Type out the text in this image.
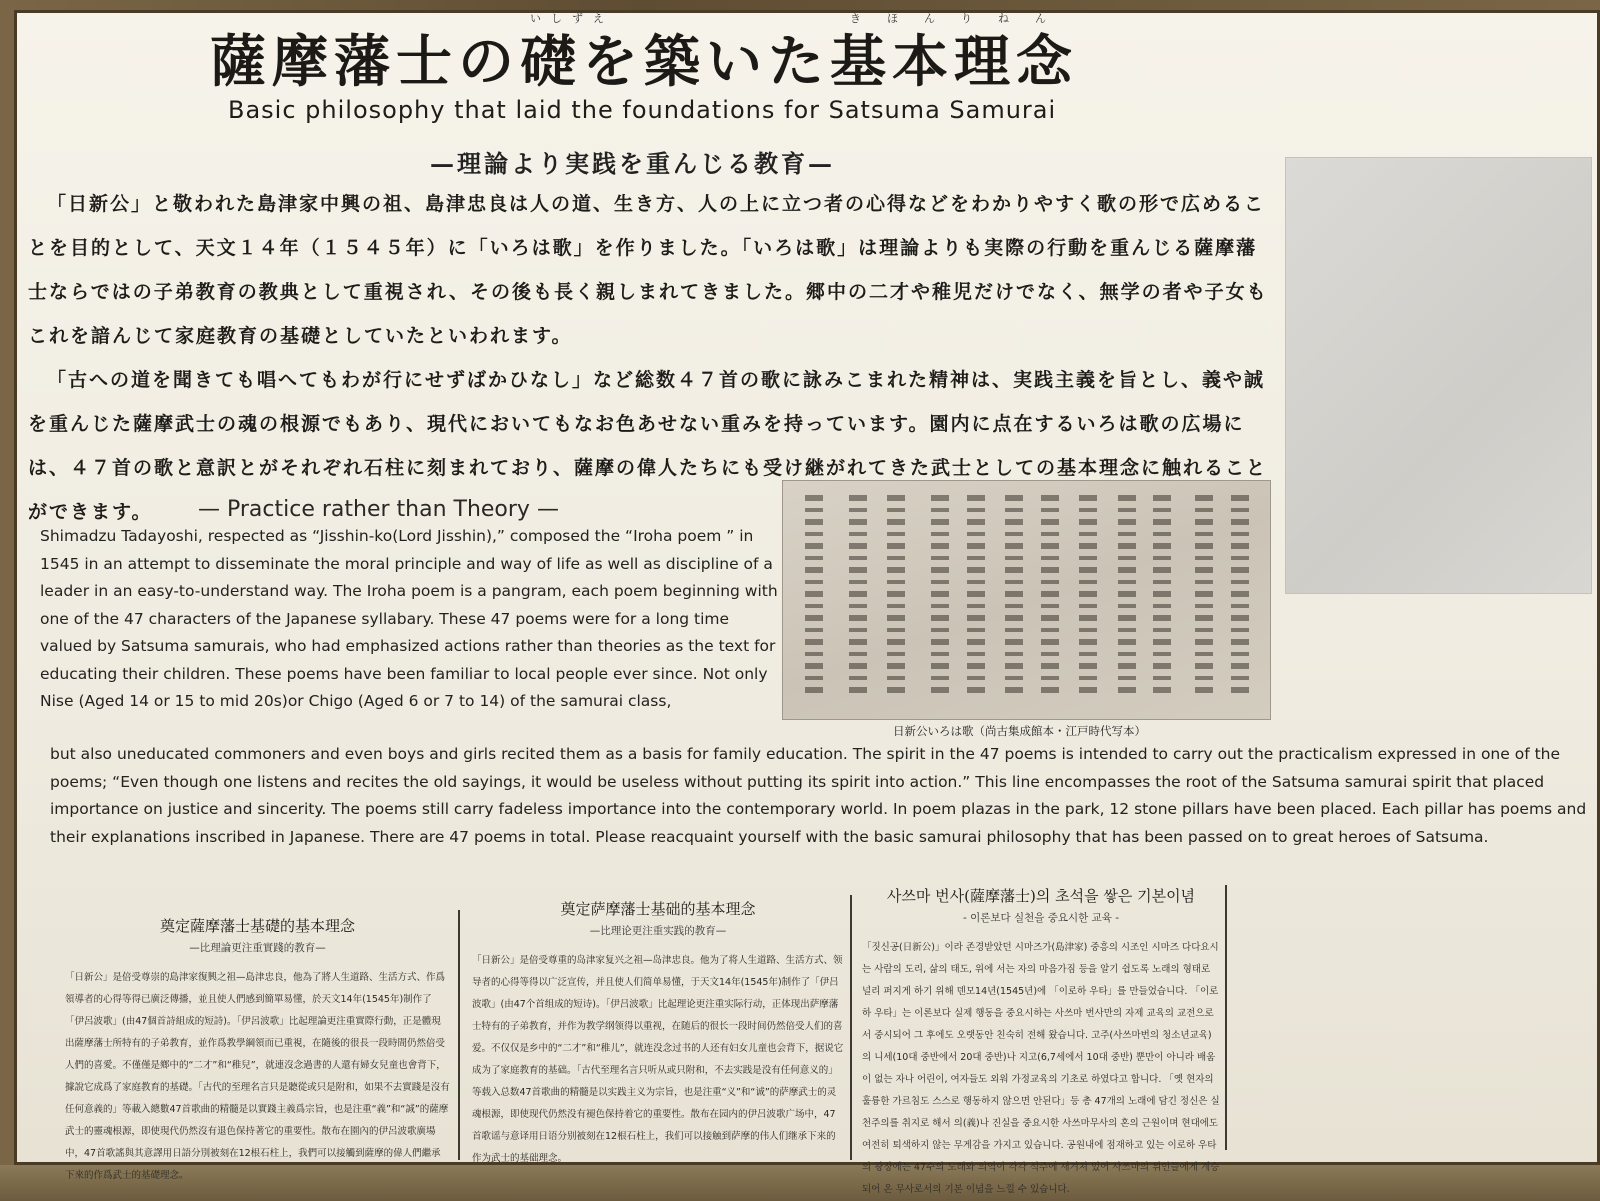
いしずえ	きほんりねん
薩摩藩士の礎を築いた基本理念
Basic philosophy that laid the foundations for Satsuma Samurai
—理論より実践を重んじる教育—

「日新公」と敬われた島津家中興の祖、島津忠良は人の道、生き方、人の上に立つ者の心得などをわかりやすく歌の形で広めることを目的として、天文１４年（１５４５年）に「いろは歌」を作りました。「いろは歌」は理論よりも実際の行動を重んじる薩摩藩士ならではの子弟教育の教典として重視され、その後も長く親しまれてきました。郷中の二才や稚児だけでなく、無学の者や子女もこれを諳んじて家庭教育の基礎としていたといわれます。

「古への道を聞きても唱へてもわが行にせずばかひなし」など総数４７首の歌に詠みこまれた精神は、実践主義を旨とし、義や誠を重んじた薩摩武士の魂の根源でもあり、現代においてもなお色あせない重みを持っています。園内に点在するいろは歌の広場には、４７首の歌と意訳とがそれぞれ石柱に刻まれており、薩摩の偉人たちにも受け継がれてきた武士としての基本理念に触れることができます。	— Practice rather than Theory —
Shimadzu Tadayoshi, respected as “Jisshin-ko(Lord Jisshin),” composed the “Iroha poem ” in 1545 in an attempt to disseminate the moral principle and way of life as well as discipline of a leader in an easy-to-understand way. The Iroha poem is a pangram, each poem beginning with one of the 47 characters of the Japanese syllabary. These 47 poems were for a long time valued by Satsuma samurais, who had emphasized actions rather than theories as the text for educating their children. These poems have been familiar to local people ever since. Not only Nise (Aged 14 or 15 to mid 20s)or Chigo (Aged 6 or 7 to 14) of the samurai class,
日新公いろは歌（尚古集成館本・江戸時代写本）
but also uneducated commoners and even boys and girls recited them as a basis for family education. The spirit in the 47 poems is intended to carry out the practicalism expressed in one of the poems; “Even though one listens and recites the old sayings, it would be useless without putting its spirit into action.” This line encompasses the root of the Satsuma samurai spirit that placed importance on justice and sincerity. The poems still carry fadeless importance into the contemporary world. In poem plazas in the park, 12 stone pillars have been placed. Each pillar has poems and their explanations inscribed in Japanese. There are 47 poems in total. Please reacquaint yourself with the basic samurai philosophy that has been passed on to great heroes of Satsuma.
奠定薩摩藩士基礎的基本理念
—比理論更注重實踐的教育—

「日新公」是倍受尊崇的島津家復興之祖—島津忠良，他為了將人生道路、生活方式、作爲領導者的心得等得已廣泛傳播，並且使人們感到簡單易懂，於天文14年(1545年)制作了「伊呂波歌」(由47個首詩組成的短詩)。「伊呂波歌」比起理論更注重實際行動，正是體現出薩摩藩士所特有的子弟教育，並作爲教學綱領而已重視，在隨後的很長一段時間仍然倍受人們的喜愛。不僅僅是鄉中的“二才”和“稚兒”，就連沒念過書的人還有婦女兒童也會背下，據說它成爲了家庭教育的基礎。「古代的至理名言只是聽從或只是附和，如果不去實踐是沒有任何意義的」等載入總數47首歌曲的精髓是以實踐主義爲宗旨，也是注重“義”和“誠”的薩摩武士的靈魂根源，即使現代仍然沒有退色保持著它的重要性。散布在園內的伊呂波歌廣場中，47首歌謠與其意譯用日語分別被刻在12根石柱上，我們可以接觸到薩摩的偉人們繼承下來的作爲武士的基礎理念。

奠定萨摩藩士基础的基本理念
—比理论更注重实践的教育—

「日新公」是倍受尊重的岛津家复兴之祖—岛津忠良。他为了将人生道路、生活方式、领导者的心得等得以广泛宣传，并且使人们简单易懂，于天文14年(1545年)制作了「伊吕波歌」(由47个首组成的短诗)。「伊吕波歌」比起理论更注重实际行动，正体现出萨摩藩士特有的子弟教育，并作为教学纲领得以重视，在随后的很长一段时间仍然倍受人们的喜爱。不仅仅是乡中的“二才”和“稚儿”，就连没念过书的人还有妇女儿童也会背下，据说它成为了家庭教育的基础。「古代至理名言只听从或只附和，不去实践是没有任何意义的」等载入总数47首歌曲的精髓是以实践主义为宗旨，也是注重“义”和“诚”的萨摩武士的灵魂根源，即使现代仍然没有褪色保持着它的重要性。散布在园内的伊吕波歌广场中，47首歌谣与意译用日语分别被刻在12根石柱上，我们可以接触到萨摩的伟人们继承下来的作为武士的基础理念。

사쓰마 번사(薩摩藩士)의 초석을 쌓은 기본이념
- 이론보다 실천을 중요시한 교육 -

「짓신공(日新公)」이라 존경받았던 시마즈가(島津家) 중흥의 시조인 시마즈 다다요시는 사람의 도리, 삶의 태도, 위에 서는 자의 마음가짐 등을 알기 쉽도록 노래의 형태로 널리 퍼지게 하기 위해 덴모14년(1545년)에 「이로하 우타」를 만들었습니다. 「이로하 우타」는 이론보다 실제 행동을 중요시하는 사쓰마 번사만의 자제 교육의 교전으로서 중시되어 그 후에도 오랫동안 친숙히 전해 왔습니다. 고주(사쓰마번의 청소년교육)의 니세(10대 중반에서 20대 중반)나 지고(6,7세에서 10대 중반) 뿐만이 아니라 배움이 없는 자나 어린이, 여자들도 외워 가정교육의 기초로 하였다고 합니다. 「옛 현자의 훌륭한 가르침도 스스로 행동하지 않으면 안된다」등 총 47개의 노래에 담긴 정신은 실천주의를 취지로 해서 의(義)나 진실을 중요시한 사쓰마무사의 혼의 근원이며 현대에도 여전히 퇴색하지 않는 무게감을 가지고 있습니다. 공원내에 점재하고 있는 이로하 우타의 광장에는 47수의 노래와 의역이 각각 석주에 새겨져 있어 사쓰마의 위인들에게 계승되어 온 무사로서의 기본 이념을 느낄 수 있습니다.
